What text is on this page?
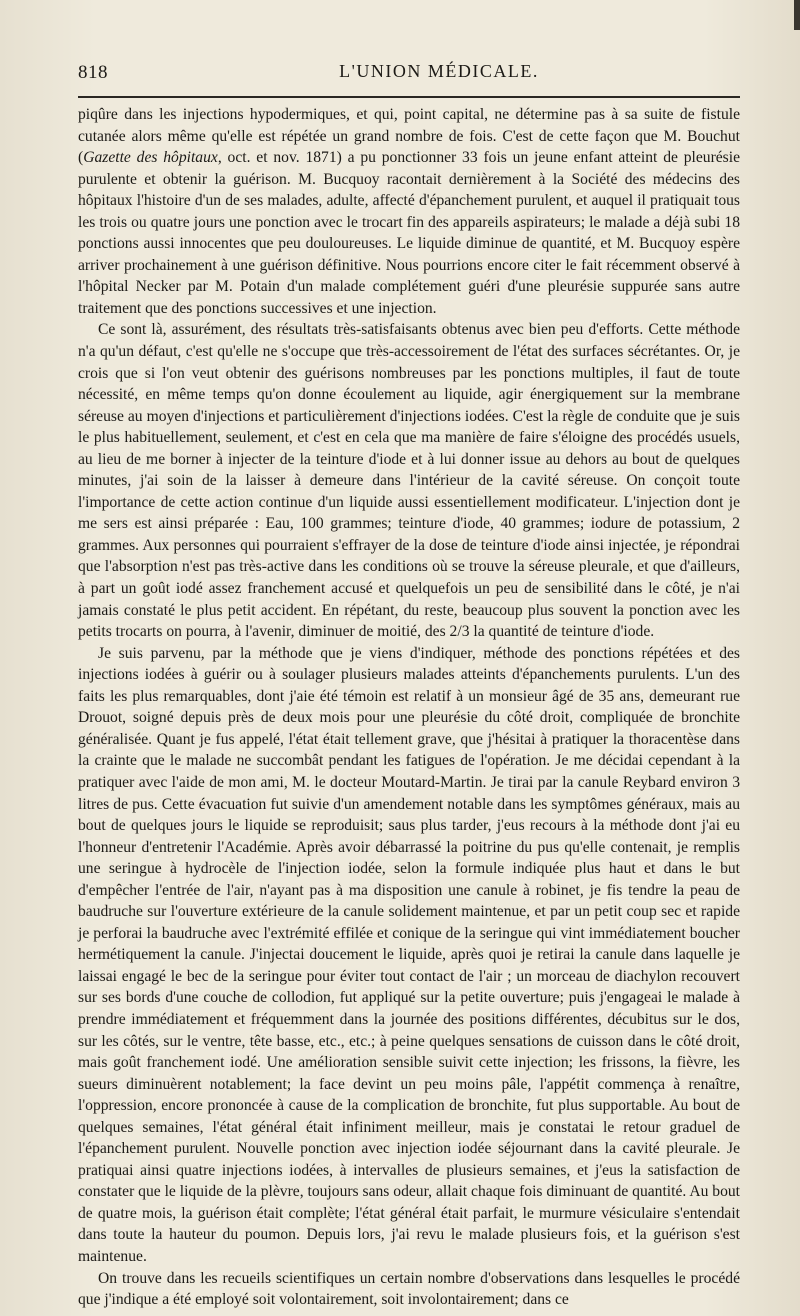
818	L'UNION MÉDICALE.

piqûre dans les injections hypodermiques, et qui, point capital, ne détermine pas à sa suite de fistule cutanée alors même qu'elle est répétée un grand nombre de fois. C'est de cette façon que M. Bouchut (Gazette des hôpitaux, oct. et nov. 1871) a pu ponctionner 33 fois un jeune enfant atteint de pleurésie purulente et obtenir la guérison. M. Bucquoy racontait dernièrement à la Société des médecins des hôpitaux l'histoire d'un de ses malades, adulte, affecté d'épanchement purulent, et auquel il pratiquait tous les trois ou quatre jours une ponction avec le trocart fin des appareils aspirateurs; le malade a déjà subi 18 ponctions aussi innocentes que peu douloureuses. Le liquide diminue de quantité, et M. Bucquoy espère arriver prochainement à une guérison définitive. Nous pourrions encore citer le fait récemment observé à l'hôpital Necker par M. Potain d'un malade complétement guéri d'une pleurésie suppurée sans autre traitement que des ponctions successives et une injection.

Ce sont là, assurément, des résultats très-satisfaisants obtenus avec bien peu d'efforts. Cette méthode n'a qu'un défaut, c'est qu'elle ne s'occupe que très-accessoirement de l'état des surfaces sécrétantes. Or, je crois que si l'on veut obtenir des guérisons nombreuses par les ponctions multiples, il faut de toute nécessité, en même temps qu'on donne écoulement au liquide, agir énergiquement sur la membrane séreuse au moyen d'injections et particulièrement d'injections iodées. C'est la règle de conduite que je suis le plus habituellement, seulement, et c'est en cela que ma manière de faire s'éloigne des procédés usuels, au lieu de me borner à injecter de la teinture d'iode et à lui donner issue au dehors au bout de quelques minutes, j'ai soin de la laisser à demeure dans l'intérieur de la cavité séreuse. On conçoit toute l'importance de cette action continue d'un liquide aussi essentiellement modificateur. L'injection dont je me sers est ainsi préparée : Eau, 100 grammes; teinture d'iode, 40 grammes; iodure de potassium, 2 grammes. Aux personnes qui pourraient s'effrayer de la dose de teinture d'iode ainsi injectée, je répondrai que l'absorption n'est pas très-active dans les conditions où se trouve la séreuse pleurale, et que d'ailleurs, à part un goût iodé assez franchement accusé et quelquefois un peu de sensibilité dans le côté, je n'ai jamais constaté le plus petit accident. En répétant, du reste, beaucoup plus souvent la ponction avec les petits trocarts on pourra, à l'avenir, diminuer de moitié, des 2/3 la quantité de teinture d'iode.

Je suis parvenu, par la méthode que je viens d'indiquer, méthode des ponctions répétées et des injections iodées à guérir ou à soulager plusieurs malades atteints d'épanchements purulents. L'un des faits les plus remarquables, dont j'aie été témoin est relatif à un monsieur âgé de 35 ans, demeurant rue Drouot, soigné depuis près de deux mois pour une pleurésie du côté droit, compliquée de bronchite généralisée. Quant je fus appelé, l'état était tellement grave, que j'hésitai à pratiquer la thoracentèse dans la crainte que le malade ne succombât pendant les fatigues de l'opération. Je me décidai cependant à la pratiquer avec l'aide de mon ami, M. le docteur Moutard-Martin. Je tirai par la canule Reybard environ 3 litres de pus. Cette évacuation fut suivie d'un amendement notable dans les symptômes généraux, mais au bout de quelques jours le liquide se reproduisit; saus plus tarder, j'eus recours à la méthode dont j'ai eu l'honneur d'entretenir l'Académie. Après avoir débarrassé la poitrine du pus qu'elle contenait, je remplis une seringue à hydrocèle de l'injection iodée, selon la formule indiquée plus haut et dans le but d'empêcher l'entrée de l'air, n'ayant pas à ma disposition une canule à robinet, je fis tendre la peau de baudruche sur l'ouverture extérieure de la canule solidement maintenue, et par un petit coup sec et rapide je perforai la baudruche avec l'extrémité effilée et conique de la seringue qui vint immédiatement boucher hermétiquement la canule. J'injectai doucement le liquide, après quoi je retirai la canule dans laquelle je laissai engagé le bec de la seringue pour éviter tout contact de l'air ; un morceau de diachylon recouvert sur ses bords d'une couche de collodion, fut appliqué sur la petite ouverture; puis j'engageai le malade à prendre immédiatement et fréquemment dans la journée des positions différentes, décubitus sur le dos, sur les côtés, sur le ventre, tête basse, etc., etc.; à peine quelques sensations de cuisson dans le côté droit, mais goût franchement iodé. Une amélioration sensible suivit cette injection; les frissons, la fièvre, les sueurs diminuèrent notablement; la face devint un peu moins pâle, l'appétit commença à renaître, l'oppression, encore prononcée à cause de la complication de bronchite, fut plus supportable. Au bout de quelques semaines, l'état général était infiniment meilleur, mais je constatai le retour graduel de l'épanchement purulent. Nouvelle ponction avec injection iodée séjournant dans la cavité pleurale. Je pratiquai ainsi quatre injections iodées, à intervalles de plusieurs semaines, et j'eus la satisfaction de constater que le liquide de la plèvre, toujours sans odeur, allait chaque fois diminuant de quantité. Au bout de quatre mois, la guérison était complète; l'état général était parfait, le murmure vésiculaire s'entendait dans toute la hauteur du poumon. Depuis lors, j'ai revu le malade plusieurs fois, et la guérison s'est maintenue.

On trouve dans les recueils scientifiques un certain nombre d'observations dans lesquelles le procédé que j'indique a été employé soit volontairement, soit involontairement; dans ce
